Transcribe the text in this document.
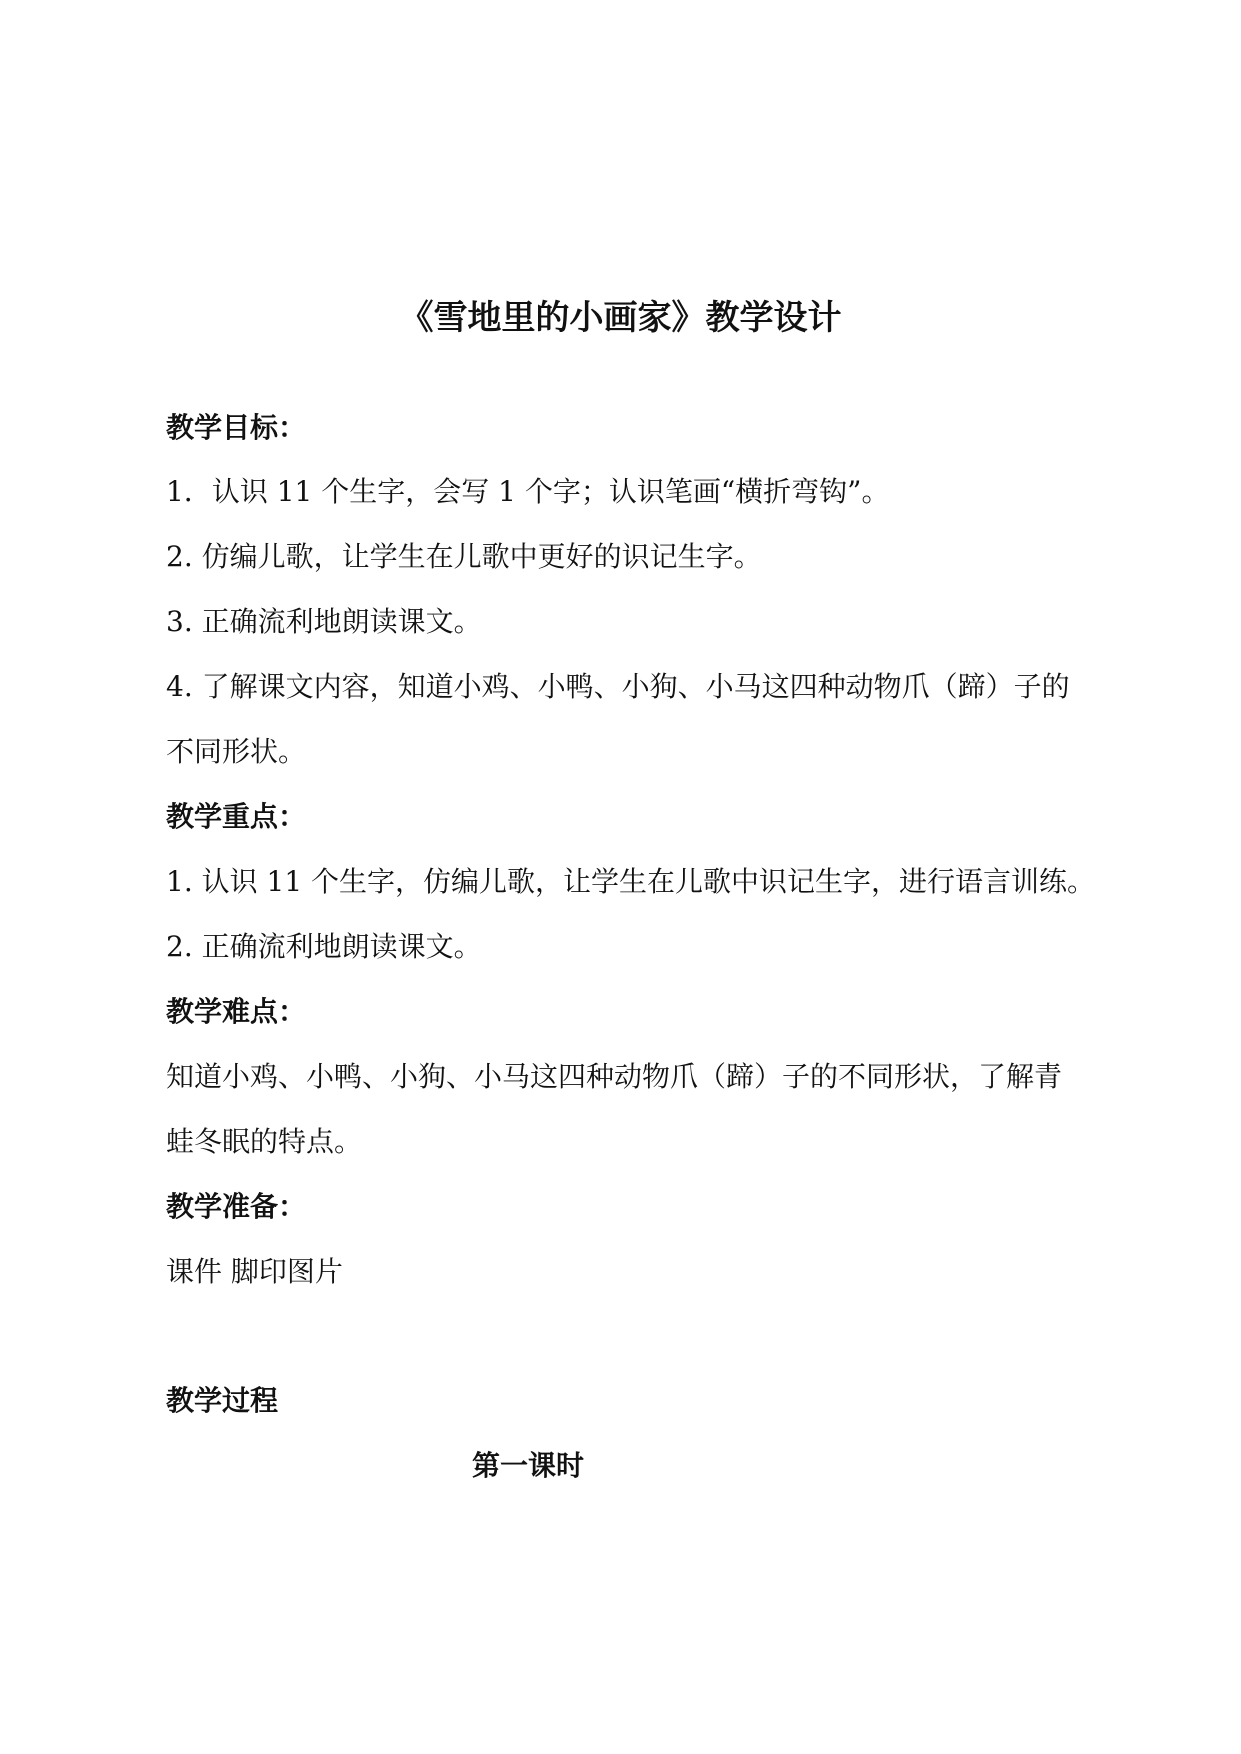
《雪地里的小画家》教学设计
教学目标：
1．认识 11 个生字，会写 1 个字；认识笔画“横折弯钩”。
2. 仿编儿歌，让学生在儿歌中更好的识记生字。
3. 正确流利地朗读课文。
4. 了解课文内容，知道小鸡、小鸭、小狗、小马这四种动物爪（蹄）子的
不同形状。
教学重点：
1. 认识 11 个生字，仿编儿歌，让学生在儿歌中识记生字，进行语言训练。
2. 正确流利地朗读课文。
教学难点：
知道小鸡、小鸭、小狗、小马这四种动物爪（蹄）子的不同形状，了解青
蛙冬眠的特点。
教学准备：
课件 脚印图片
教学过程
第一课时
